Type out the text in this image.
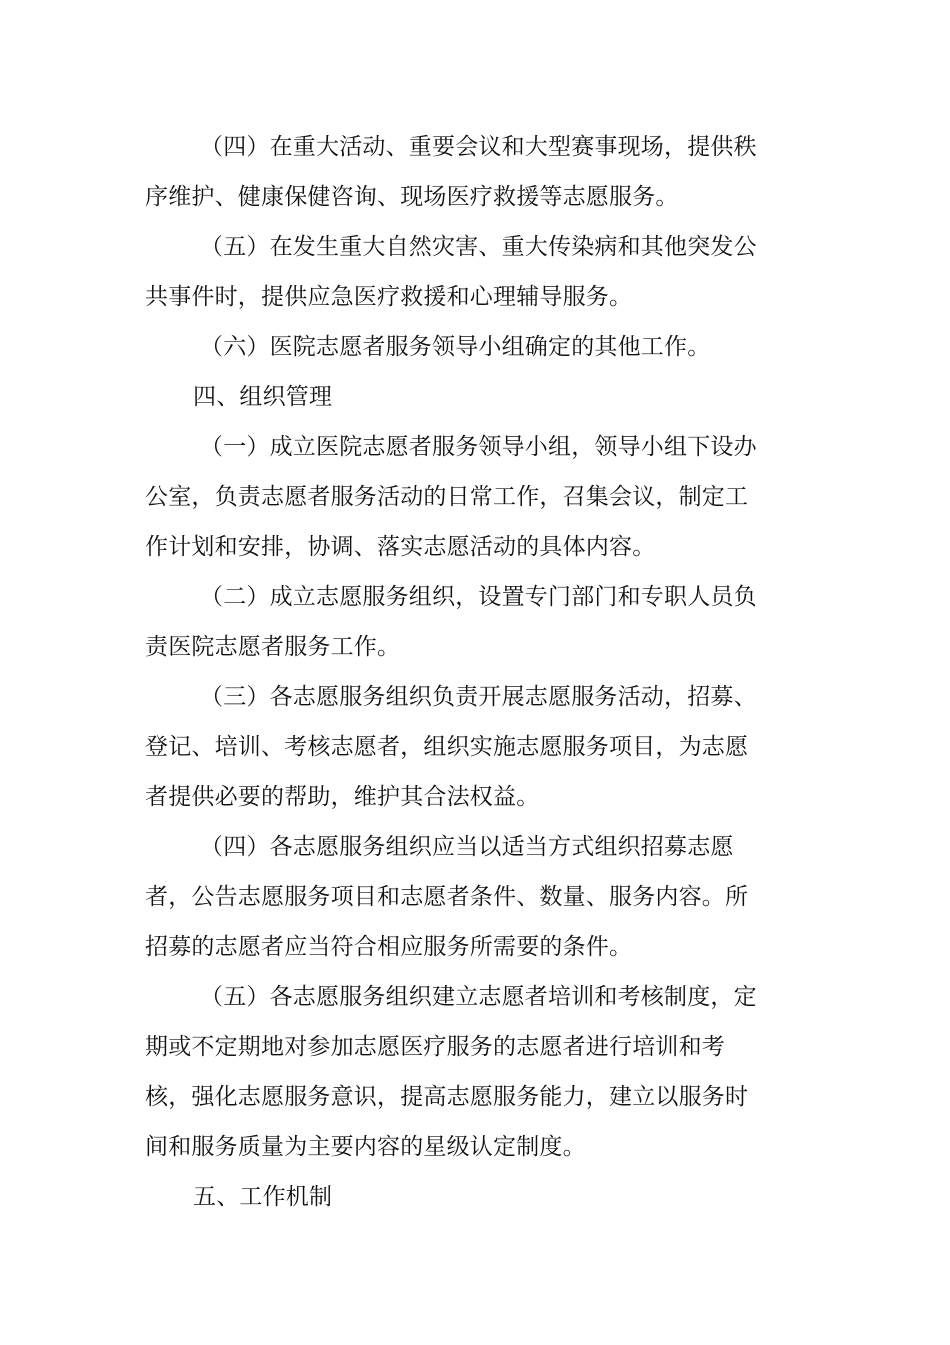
（四）在重大活动、重要会议和大型赛事现场，提供秩
序维护、健康保健咨询、现场医疗救援等志愿服务。
（五）在发生重大自然灾害、重大传染病和其他突发公
共事件时，提供应急医疗救援和心理辅导服务。
（六）医院志愿者服务领导小组确定的其他工作。
四、组织管理
（一）成立医院志愿者服务领导小组，领导小组下设办
公室，负责志愿者服务活动的日常工作，召集会议，制定工
作计划和安排，协调、落实志愿活动的具体内容。
（二）成立志愿服务组织，设置专门部门和专职人员负
责医院志愿者服务工作。
（三）各志愿服务组织负责开展志愿服务活动，招募、
登记、培训、考核志愿者，组织实施志愿服务项目，为志愿
者提供必要的帮助，维护其合法权益。
（四）各志愿服务组织应当以适当方式组织招募志愿
者，公告志愿服务项目和志愿者条件、数量、服务内容。所
招募的志愿者应当符合相应服务所需要的条件。
（五）各志愿服务组织建立志愿者培训和考核制度，定
期或不定期地对参加志愿医疗服务的志愿者进行培训和考
核，强化志愿服务意识，提高志愿服务能力，建立以服务时
间和服务质量为主要内容的星级认定制度。
五、工作机制
